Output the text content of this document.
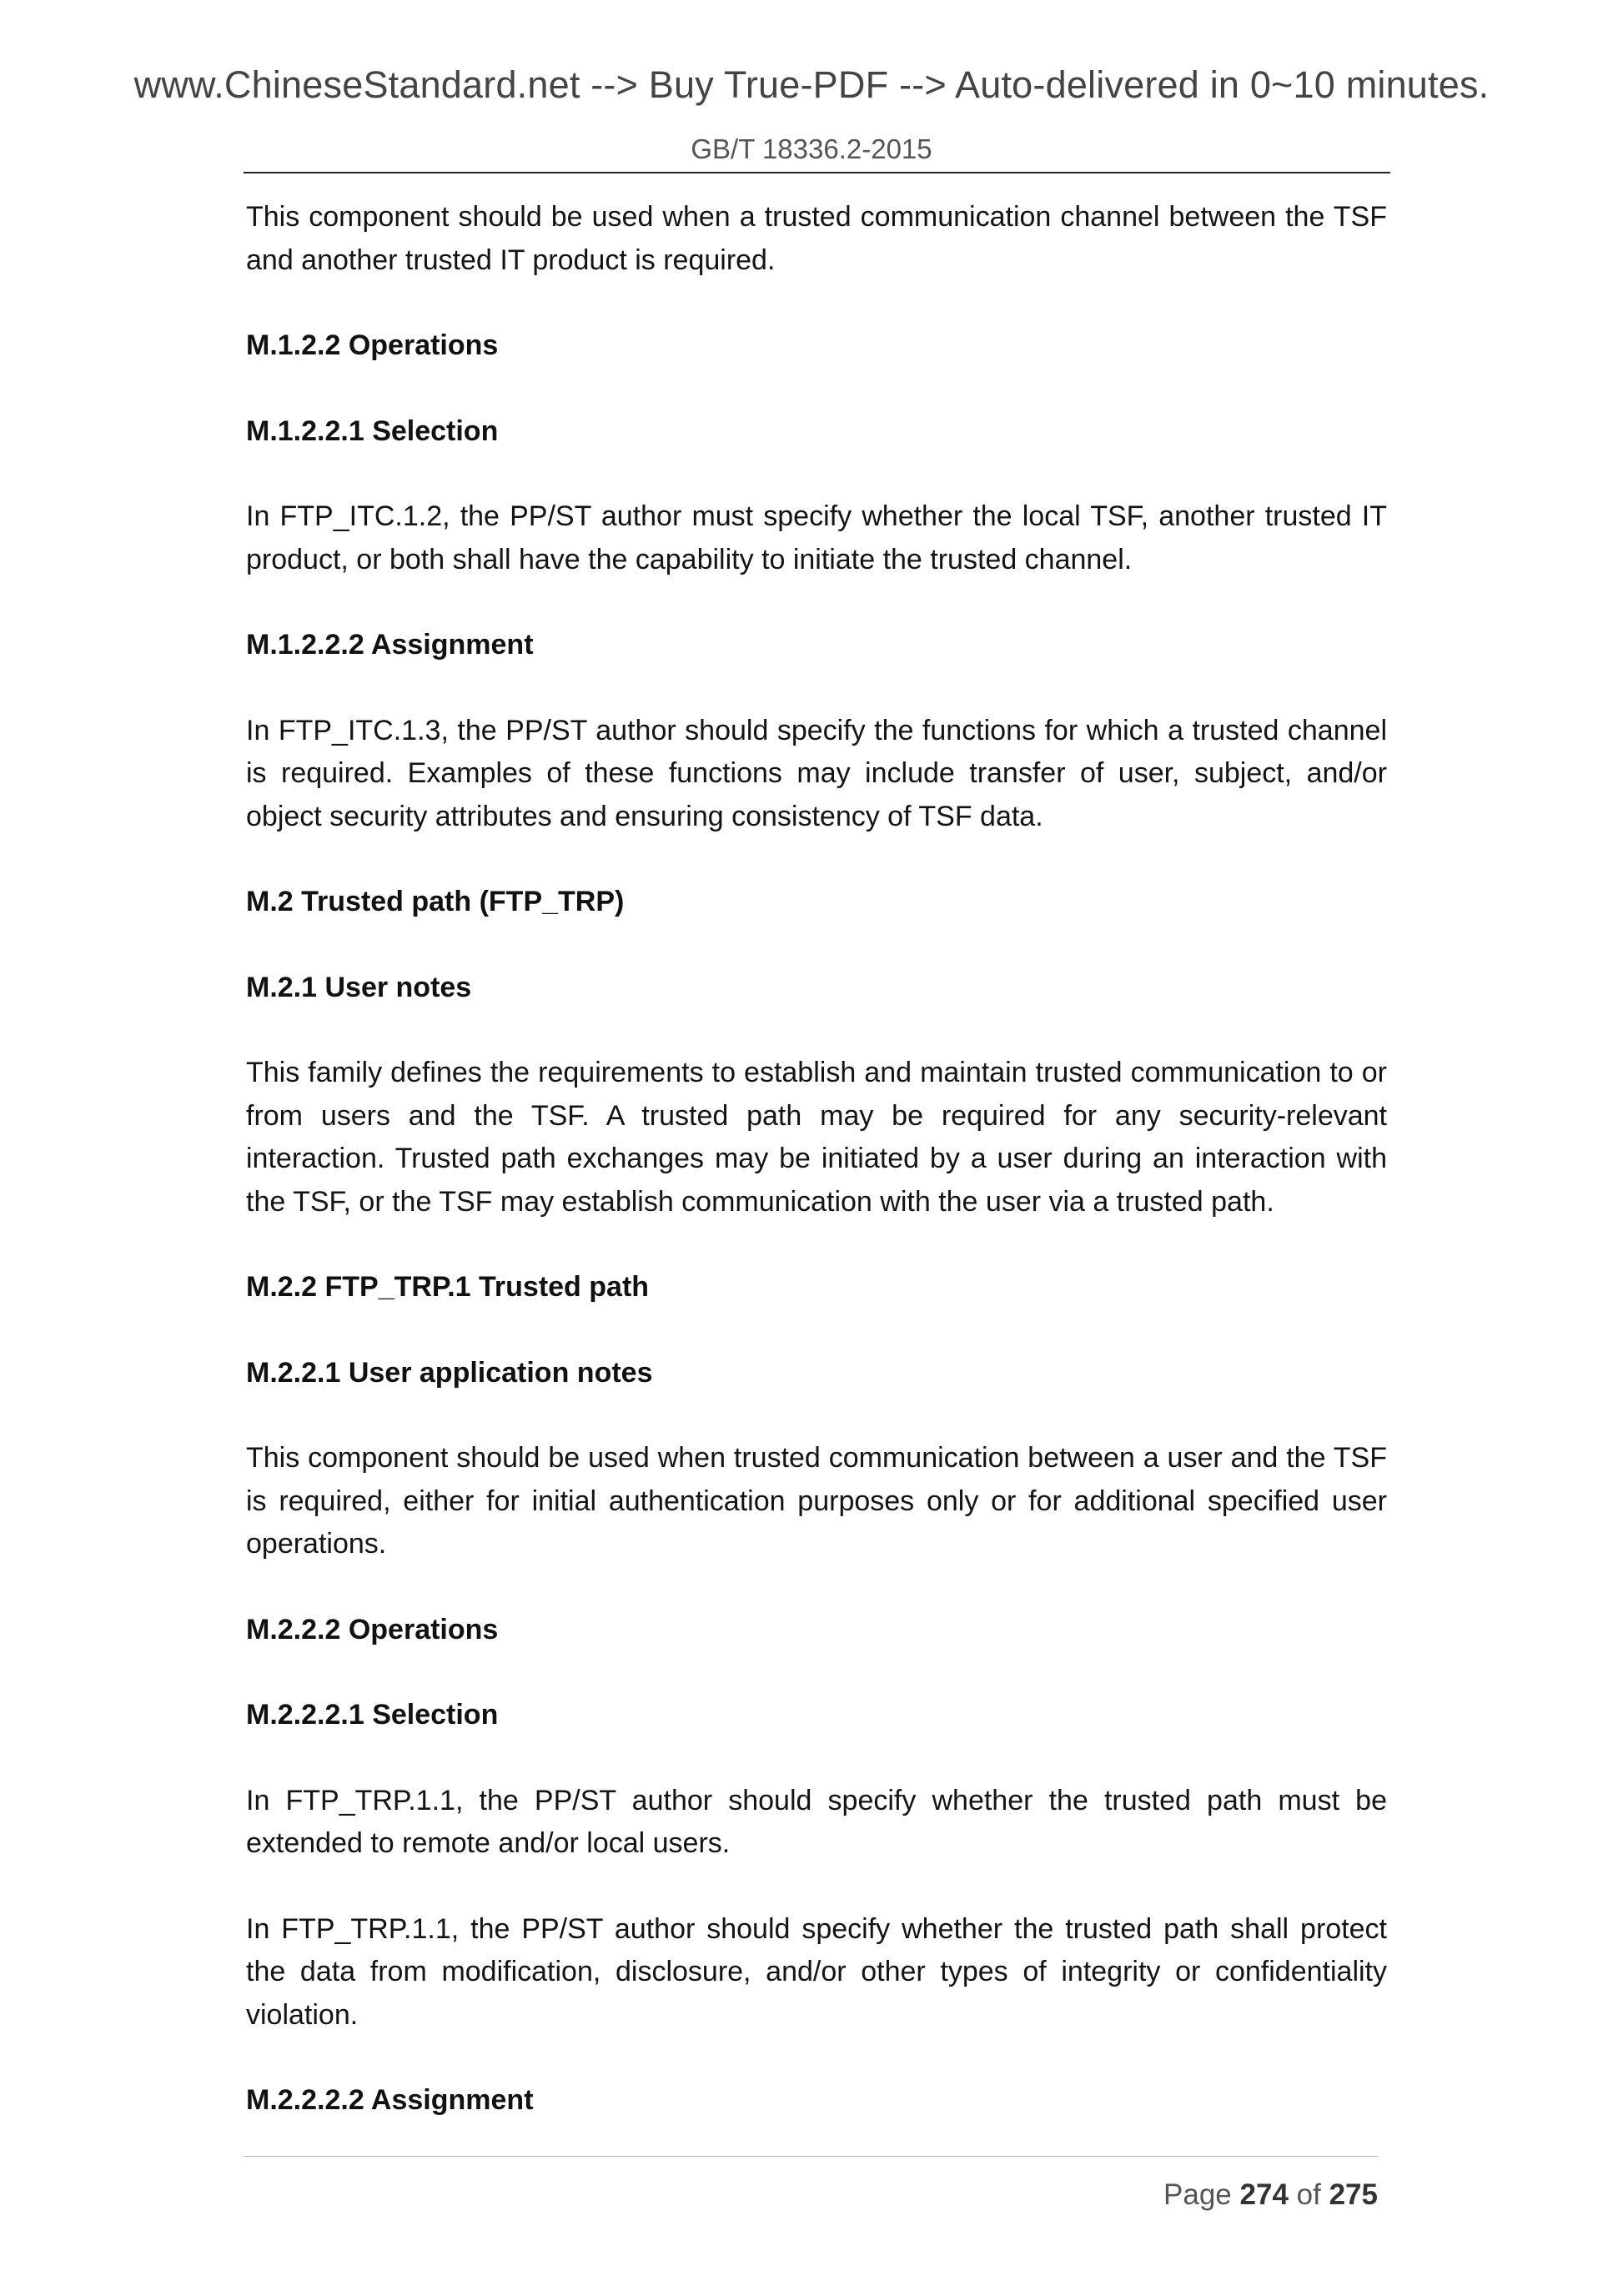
www.ChineseStandard.net --> Buy True-PDF --> Auto-delivered in 0~10 minutes.
GB/T 18336.2-2015

This component should be used when a trusted communication channel between the TSF and another trusted IT product is required.

M.1.2.2 Operations
M.1.2.2.1 Selection

In FTP_ITC.1.2, the PP/ST author must specify whether the local TSF, another trusted IT product, or both shall have the capability to initiate the trusted channel.

M.1.2.2.2 Assignment

In FTP_ITC.1.3, the PP/ST author should specify the functions for which a trusted channel is required. Examples of these functions may include transfer of user, subject, and/or object security attributes and ensuring consistency of TSF data.

M.2 Trusted path (FTP_TRP)
M.2.1 User notes

This family defines the requirements to establish and maintain trusted communication to or from users and the TSF. A trusted path may be required for any security-relevant interaction. Trusted path exchanges may be initiated by a user during an interaction with the TSF, or the TSF may establish communication with the user via a trusted path.

M.2.2 FTP_TRP.1 Trusted path
M.2.2.1 User application notes

This component should be used when trusted communication between a user and the TSF is required, either for initial authentication purposes only or for additional specified user operations.

M.2.2.2 Operations
M.2.2.2.1 Selection

In FTP_TRP.1.1, the PP/ST author should specify whether the trusted path must be extended to remote and/or local users.

In FTP_TRP.1.1, the PP/ST author should specify whether the trusted path shall protect the data from modification, disclosure, and/or other types of integrity or confidentiality violation.

M.2.2.2.2 Assignment
Page 274 of 275
